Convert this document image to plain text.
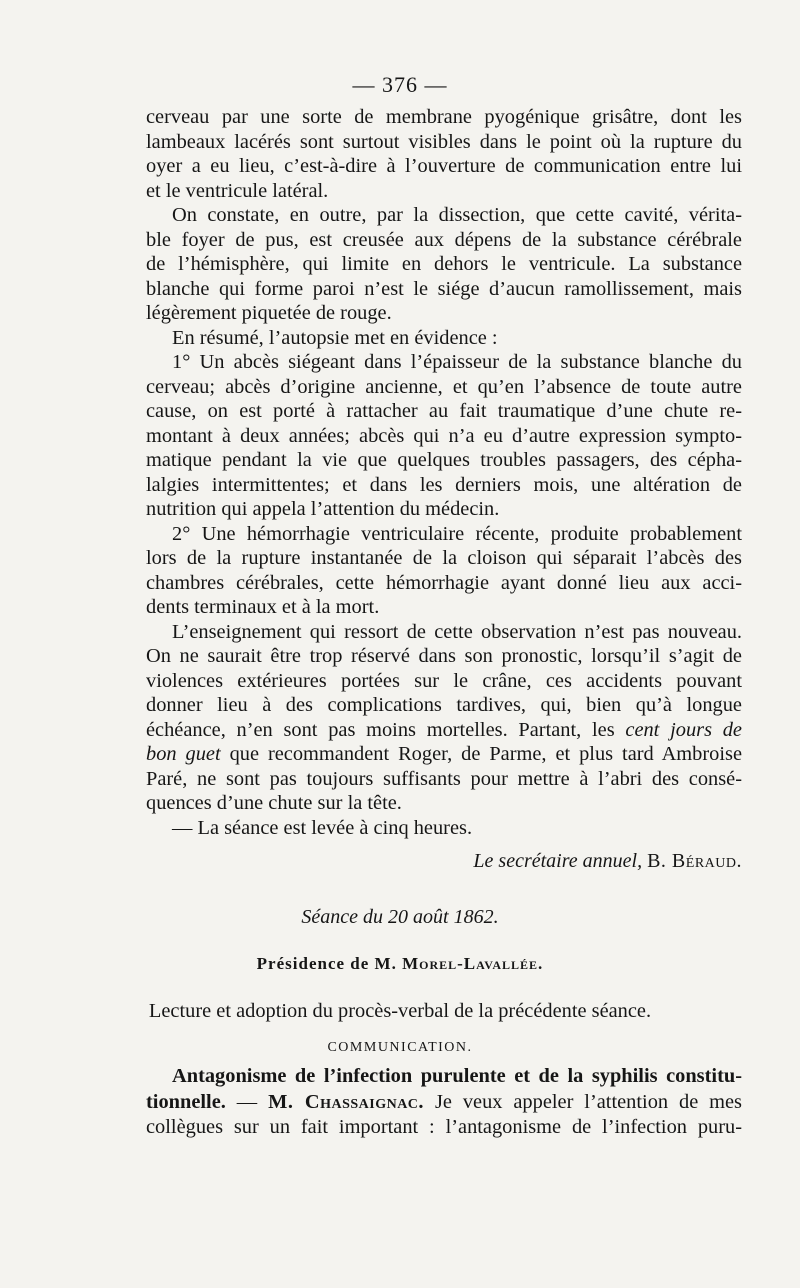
— 376 —
cerveau par une sorte de membrane pyogénique grisâtre, dont les
lambeaux lacérés sont surtout visibles dans le point où la rupture du
oyer a eu lieu, c’est-à-dire à l’ouverture de communication entre lui
et le ventricule latéral.
On constate, en outre, par la dissection, que cette cavité, vérita-
ble foyer de pus, est creusée aux dépens de la substance cérébrale
de l’hémisphère, qui limite en dehors le ventricule. La substance
blanche qui forme paroi n’est le siége d’aucun ramollissement, mais
légèrement piquetée de rouge.
En résumé, l’autopsie met en évidence :
1° Un abcès siégeant dans l’épaisseur de la substance blanche du
cerveau; abcès d’origine ancienne, et qu’en l’absence de toute autre
cause, on est porté à rattacher au fait traumatique d’une chute re-
montant à deux années; abcès qui n’a eu d’autre expression sympto-
matique pendant la vie que quelques troubles passagers, des cépha-
lalgies intermittentes; et dans les derniers mois, une altération de
nutrition qui appela l’attention du médecin.
2° Une hémorrhagie ventriculaire récente, produite probablement
lors de la rupture instantanée de la cloison qui séparait l’abcès des
chambres cérébrales, cette hémorrhagie ayant donné lieu aux acci-
dents terminaux et à la mort.
L’enseignement qui ressort de cette observation n’est pas nouveau.
On ne saurait être trop réservé dans son pronostic, lorsqu’il s’agit de
violences extérieures portées sur le crâne, ces accidents pouvant
donner lieu à des complications tardives, qui, bien qu’à longue
échéance, n’en sont pas moins mortelles. Partant, les cent jours de
bon guet que recommandent Roger, de Parme, et plus tard Ambroise
Paré, ne sont pas toujours suffisants pour mettre à l’abri des consé-
quences d’une chute sur la tête.
— La séance est levée à cinq heures.
Le secrétaire annuel, B. Béraud.
Séance du 20 août 1862.
Présidence de M. Morel-Lavallée.
Lecture et adoption du procès-verbal de la précédente séance.
COMMUNICATION.
Antagonisme de l’infection purulente et de la syphilis constitu-
tionnelle. — M. Chassaignac. Je veux appeler l’attention de mes
collègues sur un fait important : l’antagonisme de l’infection puru-
